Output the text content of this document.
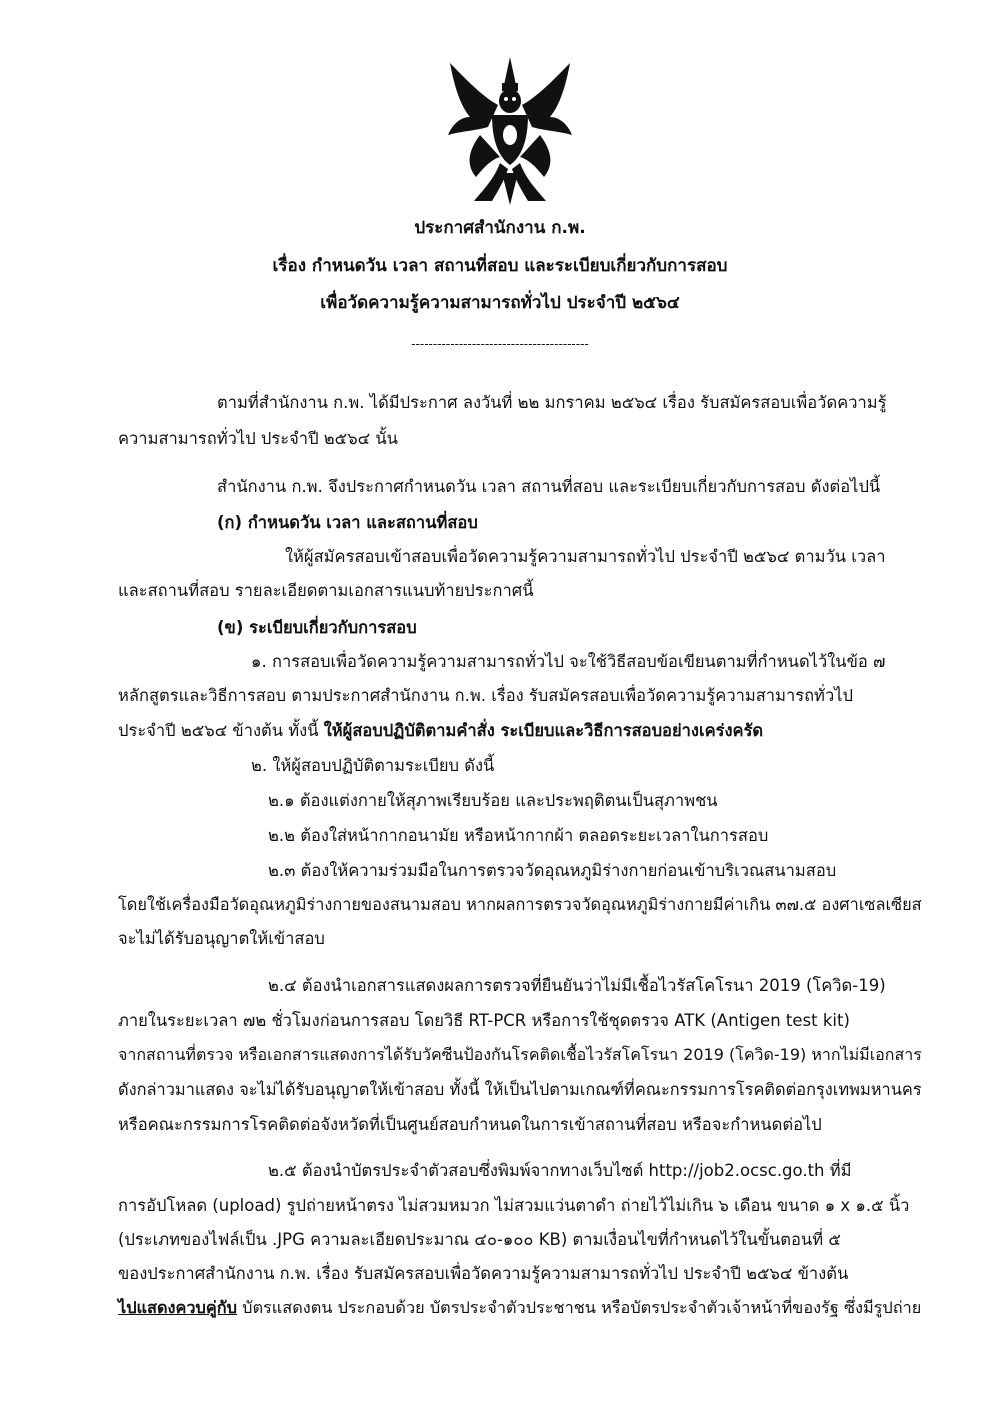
ประกาศสำนักงาน ก.พ.
เรื่อง กำหนดวัน เวลา สถานที่สอบ และระเบียบเกี่ยวกับการสอบ
เพื่อวัดความรู้ความสามารถทั่วไป ประจำปี ๒๕๖๔
-----------------------------------------
ตามที่สำนักงาน ก.พ. ได้มีประกาศ ลงวันที่ ๒๒ มกราคม ๒๕๖๔ เรื่อง รับสมัครสอบเพื่อวัดความรู้
ความสามารถทั่วไป ประจำปี ๒๕๖๔ นั้น
สำนักงาน ก.พ. จึงประกาศกำหนดวัน เวลา สถานที่สอบ และระเบียบเกี่ยวกับการสอบ ดังต่อไปนี้
(ก) กำหนดวัน เวลา และสถานที่สอบ
ให้ผู้สมัครสอบเข้าสอบเพื่อวัดความรู้ความสามารถทั่วไป ประจำปี ๒๕๖๔ ตามวัน เวลา
และสถานที่สอบ รายละเอียดตามเอกสารแนบท้ายประกาศนี้
(ข) ระเบียบเกี่ยวกับการสอบ
๑. การสอบเพื่อวัดความรู้ความสามารถทั่วไป จะใช้วิธีสอบข้อเขียนตามที่กำหนดไว้ในข้อ ๗
หลักสูตรและวิธีการสอบ ตามประกาศสำนักงาน ก.พ. เรื่อง รับสมัครสอบเพื่อวัดความรู้ความสามารถทั่วไป
ประจำปี ๒๕๖๔ ข้างต้น ทั้งนี้ ให้ผู้สอบปฏิบัติตามคำสั่ง ระเบียบและวิธีการสอบอย่างเคร่งครัด
๒. ให้ผู้สอบปฏิบัติตามระเบียบ ดังนี้
๒.๑ ต้องแต่งกายให้สุภาพเรียบร้อย และประพฤติตนเป็นสุภาพชน
๒.๒ ต้องใส่หน้ากากอนามัย หรือหน้ากากผ้า ตลอดระยะเวลาในการสอบ
๒.๓ ต้องให้ความร่วมมือในการตรวจวัดอุณหภูมิร่างกายก่อนเข้าบริเวณสนามสอบ
โดยใช้เครื่องมือวัดอุณหภูมิร่างกายของสนามสอบ หากผลการตรวจวัดอุณหภูมิร่างกายมีค่าเกิน ๓๗.๕ องศาเซลเซียส
จะไม่ได้รับอนุญาตให้เข้าสอบ
๒.๔ ต้องนำเอกสารแสดงผลการตรวจที่ยืนยันว่าไม่มีเชื้อไวรัสโคโรนา 2019 (โควิด-19)
ภายในระยะเวลา ๗๒ ชั่วโมงก่อนการสอบ โดยวิธี RT-PCR หรือการใช้ชุดตรวจ ATK (Antigen test kit)
จากสถานที่ตรวจ หรือเอกสารแสดงการได้รับวัคซีนป้องกันโรคติดเชื้อไวรัสโคโรนา 2019 (โควิด-19) หากไม่มีเอกสาร
ดังกล่าวมาแสดง จะไม่ได้รับอนุญาตให้เข้าสอบ ทั้งนี้ ให้เป็นไปตามเกณฑ์ที่คณะกรรมการโรคติดต่อกรุงเทพมหานคร
หรือคณะกรรมการโรคติดต่อจังหวัดที่เป็นศูนย์สอบกำหนดในการเข้าสถานที่สอบ หรือจะกำหนดต่อไป
๒.๕ ต้องนำบัตรประจำตัวสอบซึ่งพิมพ์จากทางเว็บไซต์ http://job2.ocsc.go.th ที่มี
การอัปโหลด (upload) รูปถ่ายหน้าตรง ไม่สวมหมวก ไม่สวมแว่นตาดำ ถ่ายไว้ไม่เกิน ๖ เดือน ขนาด ๑ x ๑.๕ นิ้ว
(ประเภทของไฟล์เป็น .JPG ความละเอียดประมาณ ๔๐-๑๐๐ KB) ตามเงื่อนไขที่กำหนดไว้ในขั้นตอนที่ ๕
ของประกาศสำนักงาน ก.พ. เรื่อง รับสมัครสอบเพื่อวัดความรู้ความสามารถทั่วไป ประจำปี ๒๕๖๔ ข้างต้น
ไปแสดงควบคู่กับ บัตรแสดงตน ประกอบด้วย บัตรประจำตัวประชาชน หรือบัตรประจำตัวเจ้าหน้าที่ของรัฐ ซึ่งมีรูปถ่าย
